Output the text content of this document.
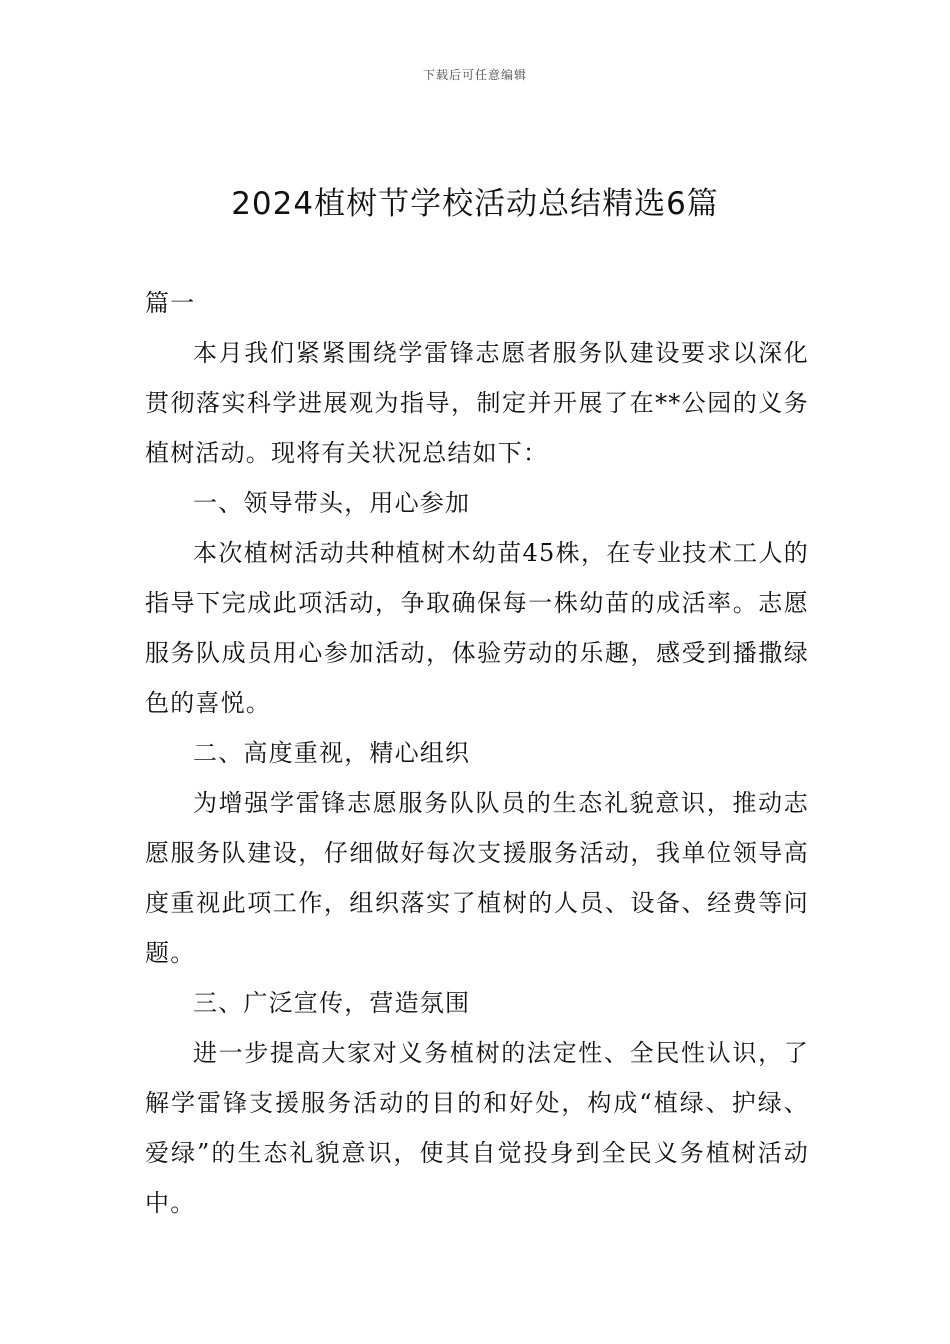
下载后可任意编辑
2024植树节学校活动总结精选6篇

篇一

本月我们紧紧围绕学雷锋志愿者服务队建设要求以深化贯彻落实科学进展观为指导，制定并开展了在**公园的义务植树活动。现将有关状况总结如下：

一、领导带头，用心参加

本次植树活动共种植树木幼苗45株，在专业技术工人的指导下完成此项活动，争取确保每一株幼苗的成活率。志愿服务队成员用心参加活动，体验劳动的乐趣，感受到播撒绿色的喜悦。

二、高度重视，精心组织

为增强学雷锋志愿服务队队员的生态礼貌意识，推动志愿服务队建设，仔细做好每次支援服务活动，我单位领导高度重视此项工作，组织落实了植树的人员、设备、经费等问题。

三、广泛宣传，营造氛围

进一步提高大家对义务植树的法定性、全民性认识，了解学雷锋支援服务活动的目的和好处，构成“植绿、护绿、爱绿”的生态礼貌意识，使其自觉投身到全民义务植树活动中。
